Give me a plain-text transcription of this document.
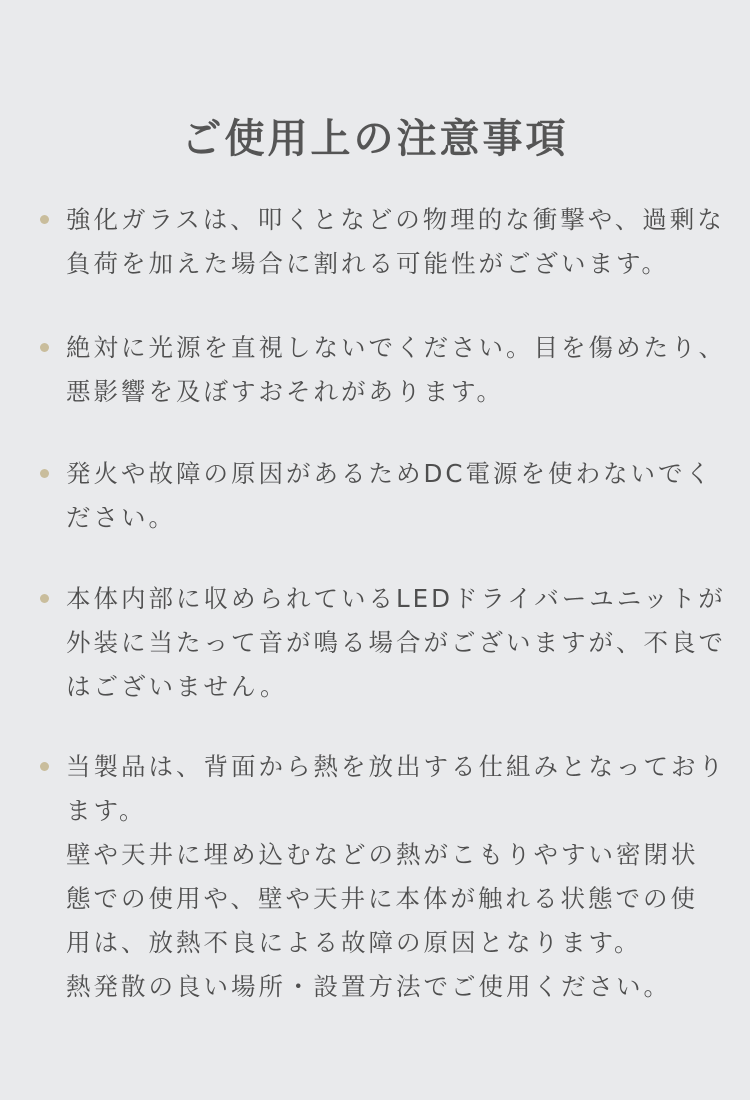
ご使用上の注意事項
強化ガラスは、叩くとなどの物理的な衝撃や、過剰な
負荷を加えた場合に割れる可能性がございます。
絶対に光源を直視しないでください。目を傷めたり、
悪影響を及ぼすおそれがあります。
発火や故障の原因があるためDC電源を使わないでく
ださい。
本体内部に収められているLEDドライバーユニットが
外装に当たって音が鳴る場合がございますが、不良で
はございません。
当製品は、背面から熱を放出する仕組みとなっており
ます。
壁や天井に埋め込むなどの熱がこもりやすい密閉状
態での使用や、壁や天井に本体が触れる状態での使
用は、放熱不良による故障の原因となります。
熱発散の良い場所・設置方法でご使用ください。
